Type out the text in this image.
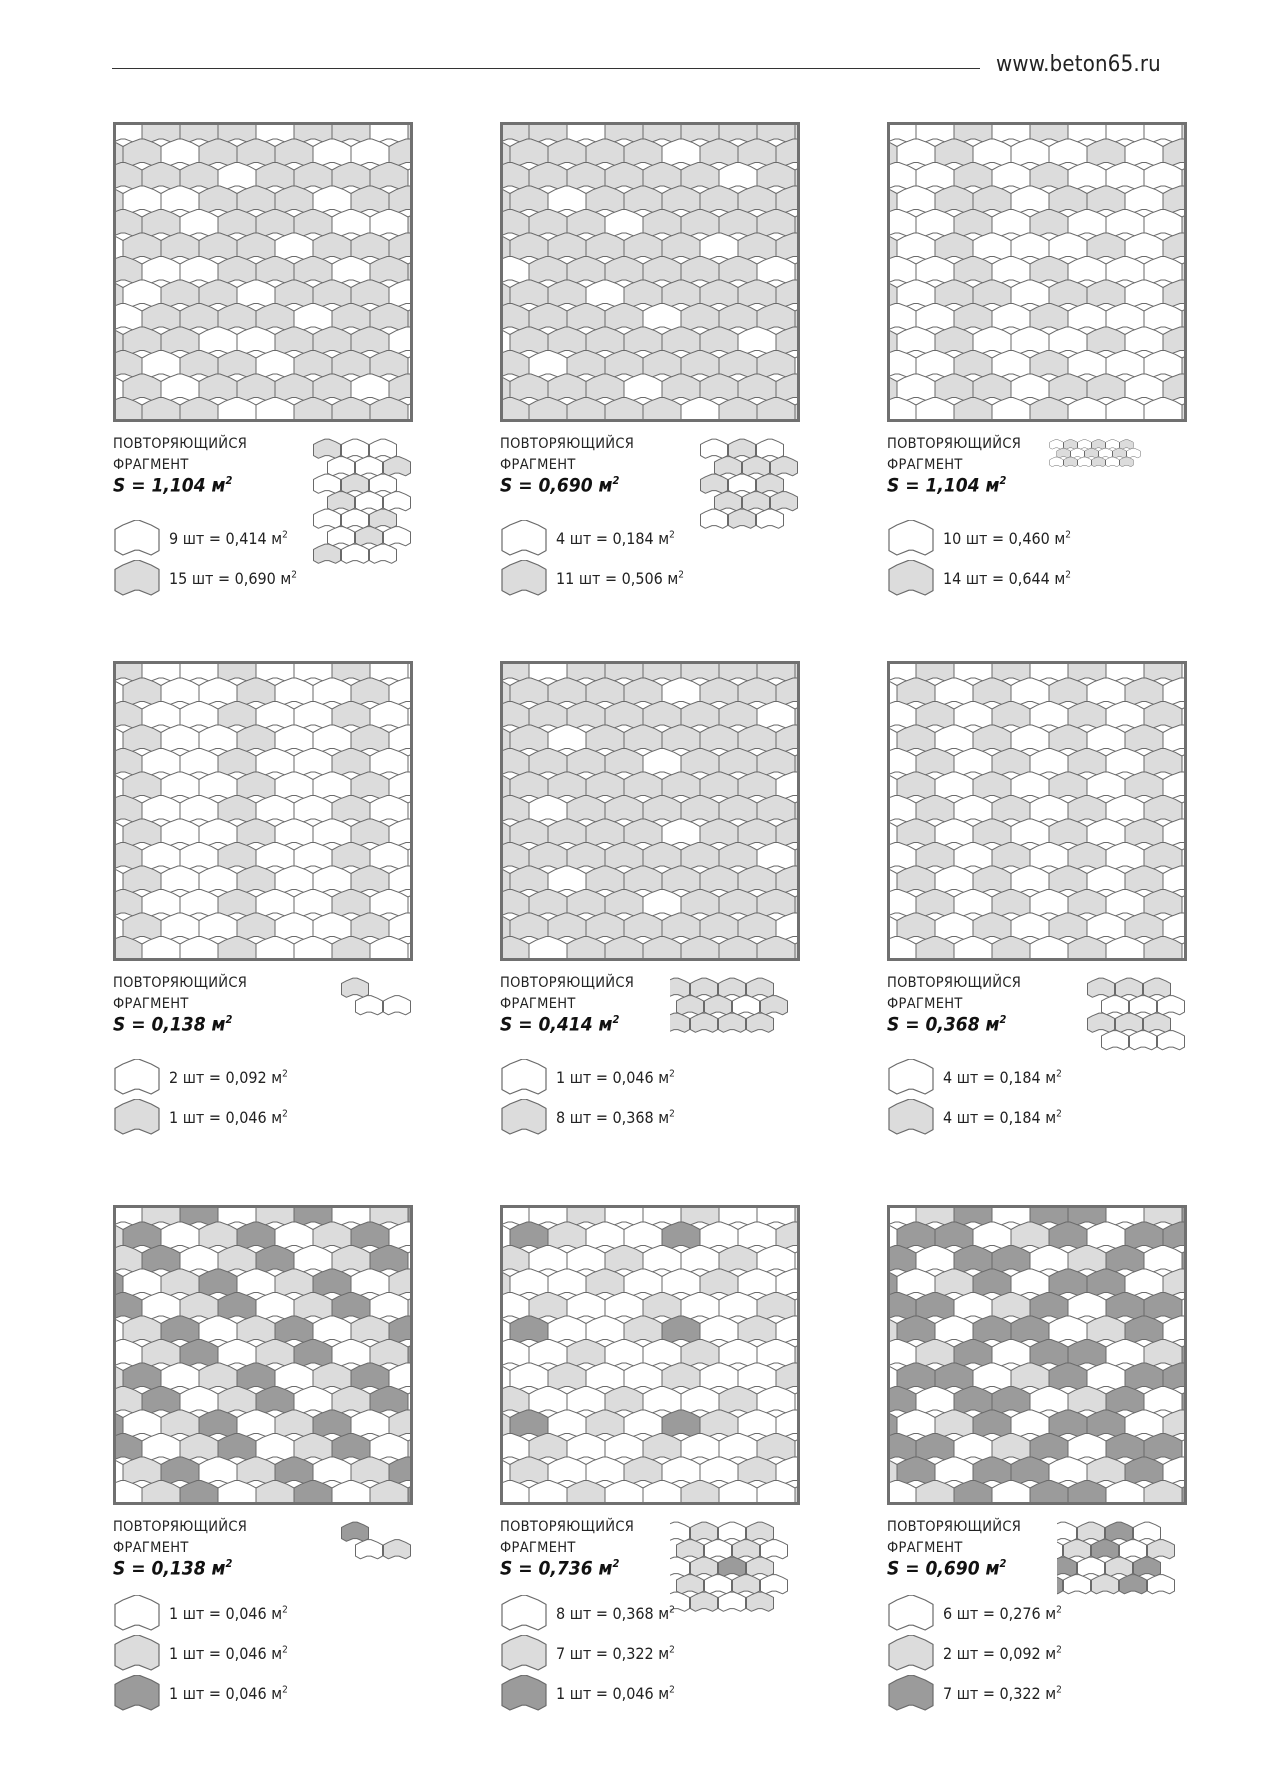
www.beton65.ru
ПОВТОРЯЮЩИЙСЯ
ФРАГМЕНТ
S = 1,104 $м^2$
9 шт = 0,414 $м^2$
15 шт = 0,690 $м^2$
ПОВТОРЯЮЩИЙСЯ
ФРАГМЕНТ
S = 0,690 $м^2$
4 шт = 0,184 $м^2$
11 шт = 0,506 $м^2$
ПОВТОРЯЮЩИЙСЯ
ФРАГМЕНТ
S = 1,104 $м^2$
10 шт = 0,460 $м^2$
14 шт = 0,644 $м^2$
ПОВТОРЯЮЩИЙСЯ
ФРАГМЕНТ
S = 0,138 $м^2$
2 шт = 0,092 $м^2$
1 шт = 0,046 $м^2$
ПОВТОРЯЮЩИЙСЯ
ФРАГМЕНТ
S = 0,414 $м^2$
1 шт = 0,046 $м^2$
8 шт = 0,368 $м^2$
ПОВТОРЯЮЩИЙСЯ
ФРАГМЕНТ
S = 0,368 $м^2$
4 шт = 0,184 $м^2$
4 шт = 0,184 $м^2$
ПОВТОРЯЮЩИЙСЯ
ФРАГМЕНТ
S = 0,138 $м^2$
1 шт = 0,046 $м^2$
1 шт = 0,046 $м^2$
1 шт = 0,046 $м^2$
ПОВТОРЯЮЩИЙСЯ
ФРАГМЕНТ
S = 0,736 $м^2$
8 шт = 0,368 $м^2$
7 шт = 0,322 $м^2$
1 шт = 0,046 $м^2$
ПОВТОРЯЮЩИЙСЯ
ФРАГМЕНТ
S = 0,690 $м^2$
6 шт = 0,276 $м^2$
2 шт = 0,092 $м^2$
7 шт = 0,322 $м^2$
